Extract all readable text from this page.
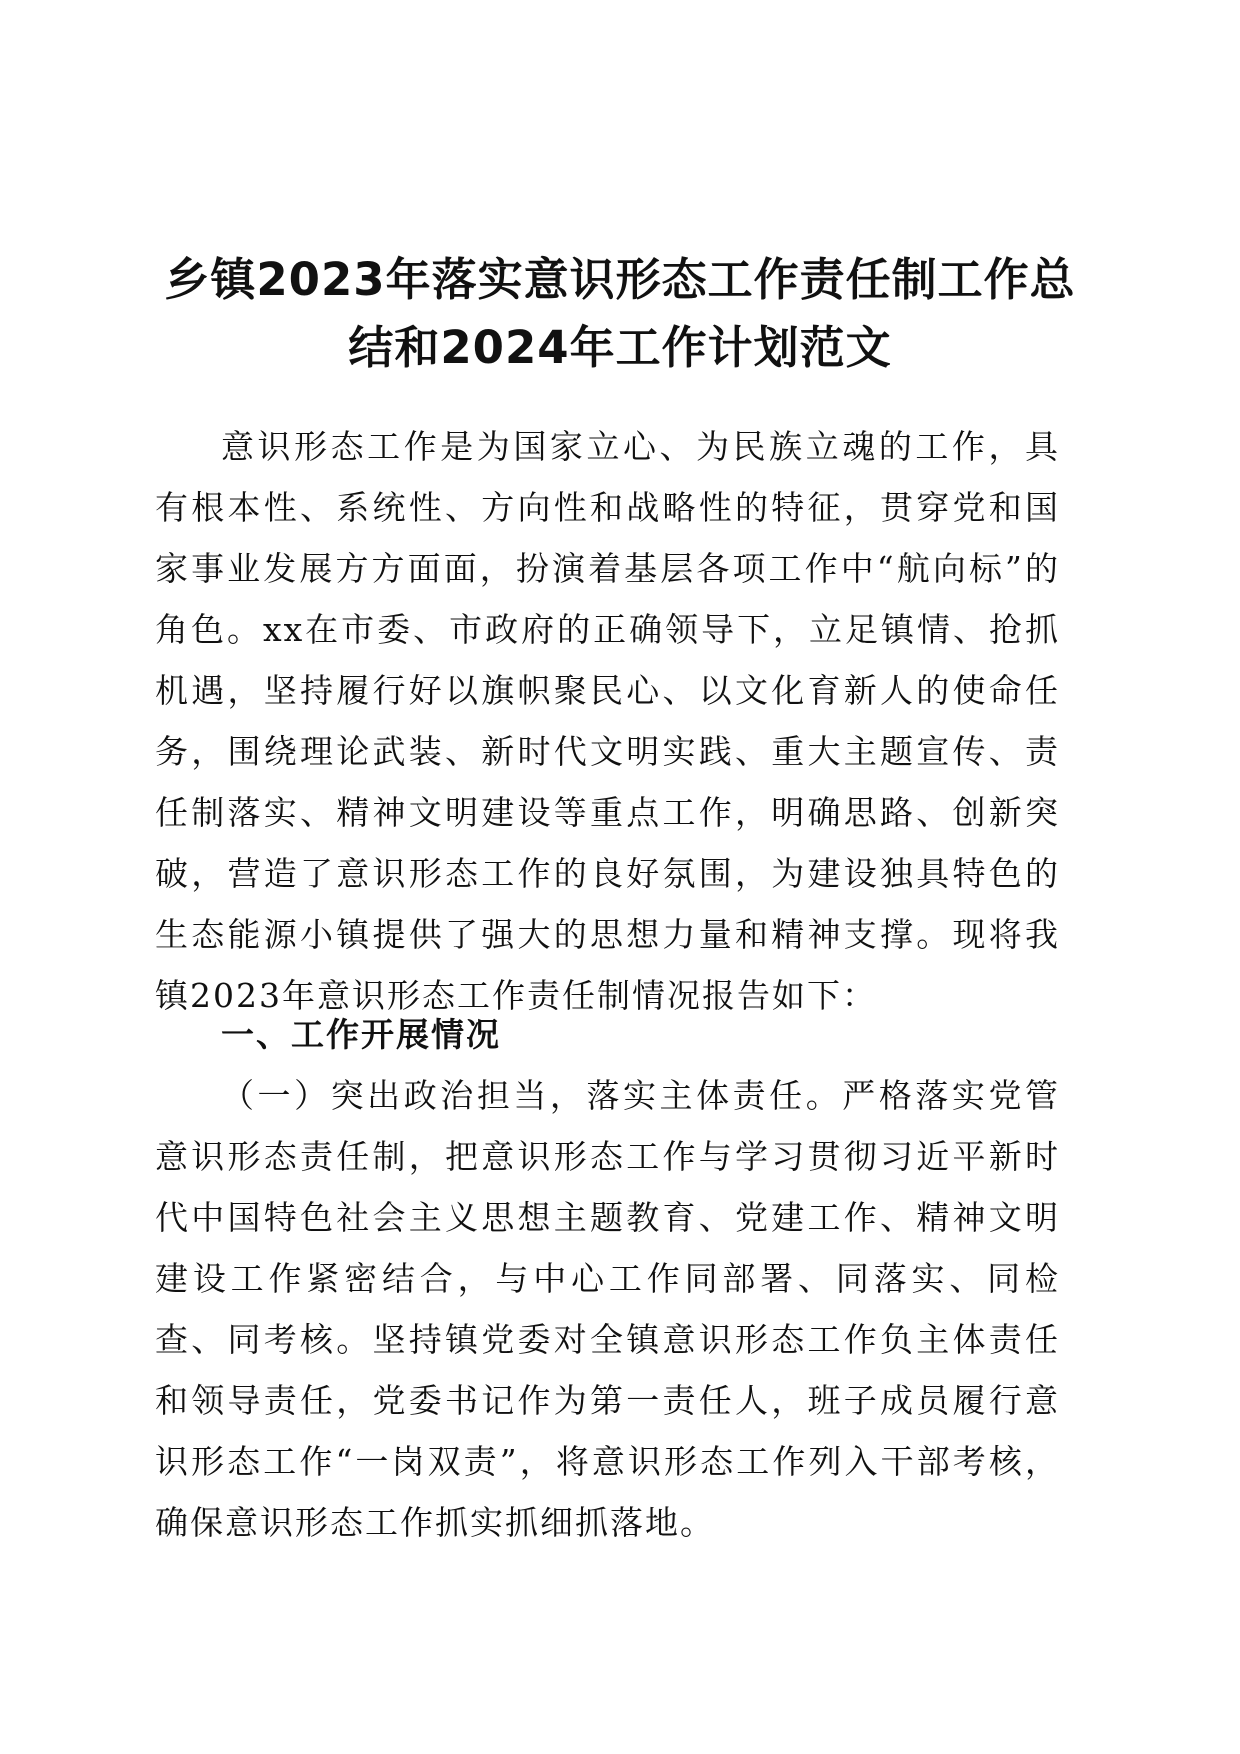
乡镇2023年落实意识形态工作责任制工作总
结和2024年工作计划范文

意识形态工作是为国家立心、为民族立魂的工作，具有根本性、系统性、方向性和战略性的特征，贯穿党和国家事业发展方方面面，扮演着基层各项工作中“航向标”的角色。xx在市委、市政府的正确领导下，立足镇情、抢抓机遇，坚持履行好以旗帜聚民心、以文化育新人的使命任务，围绕理论武装、新时代文明实践、重大主题宣传、责任制落实、精神文明建设等重点工作，明确思路、创新突破，营造了意识形态工作的良好氛围，为建设独具特色的生态能源小镇提供了强大的思想力量和精神支撑。现将我镇2023年意识形态工作责任制情况报告如下：

一、工作开展情况

（一）突出政治担当，落实主体责任。严格落实党管意识形态责任制，把意识形态工作与学习贯彻习近平新时代中国特色社会主义思想主题教育、党建工作、精神文明建设工作紧密结合，与中心工作同部署、同落实、同检查、同考核。坚持镇党委对全镇意识形态工作负主体责任和领导责任，党委书记作为第一责任人，班子成员履行意识形态工作“一岗双责”，将意识形态工作列入干部考核，确保意识形态工作抓实抓细抓落地。
